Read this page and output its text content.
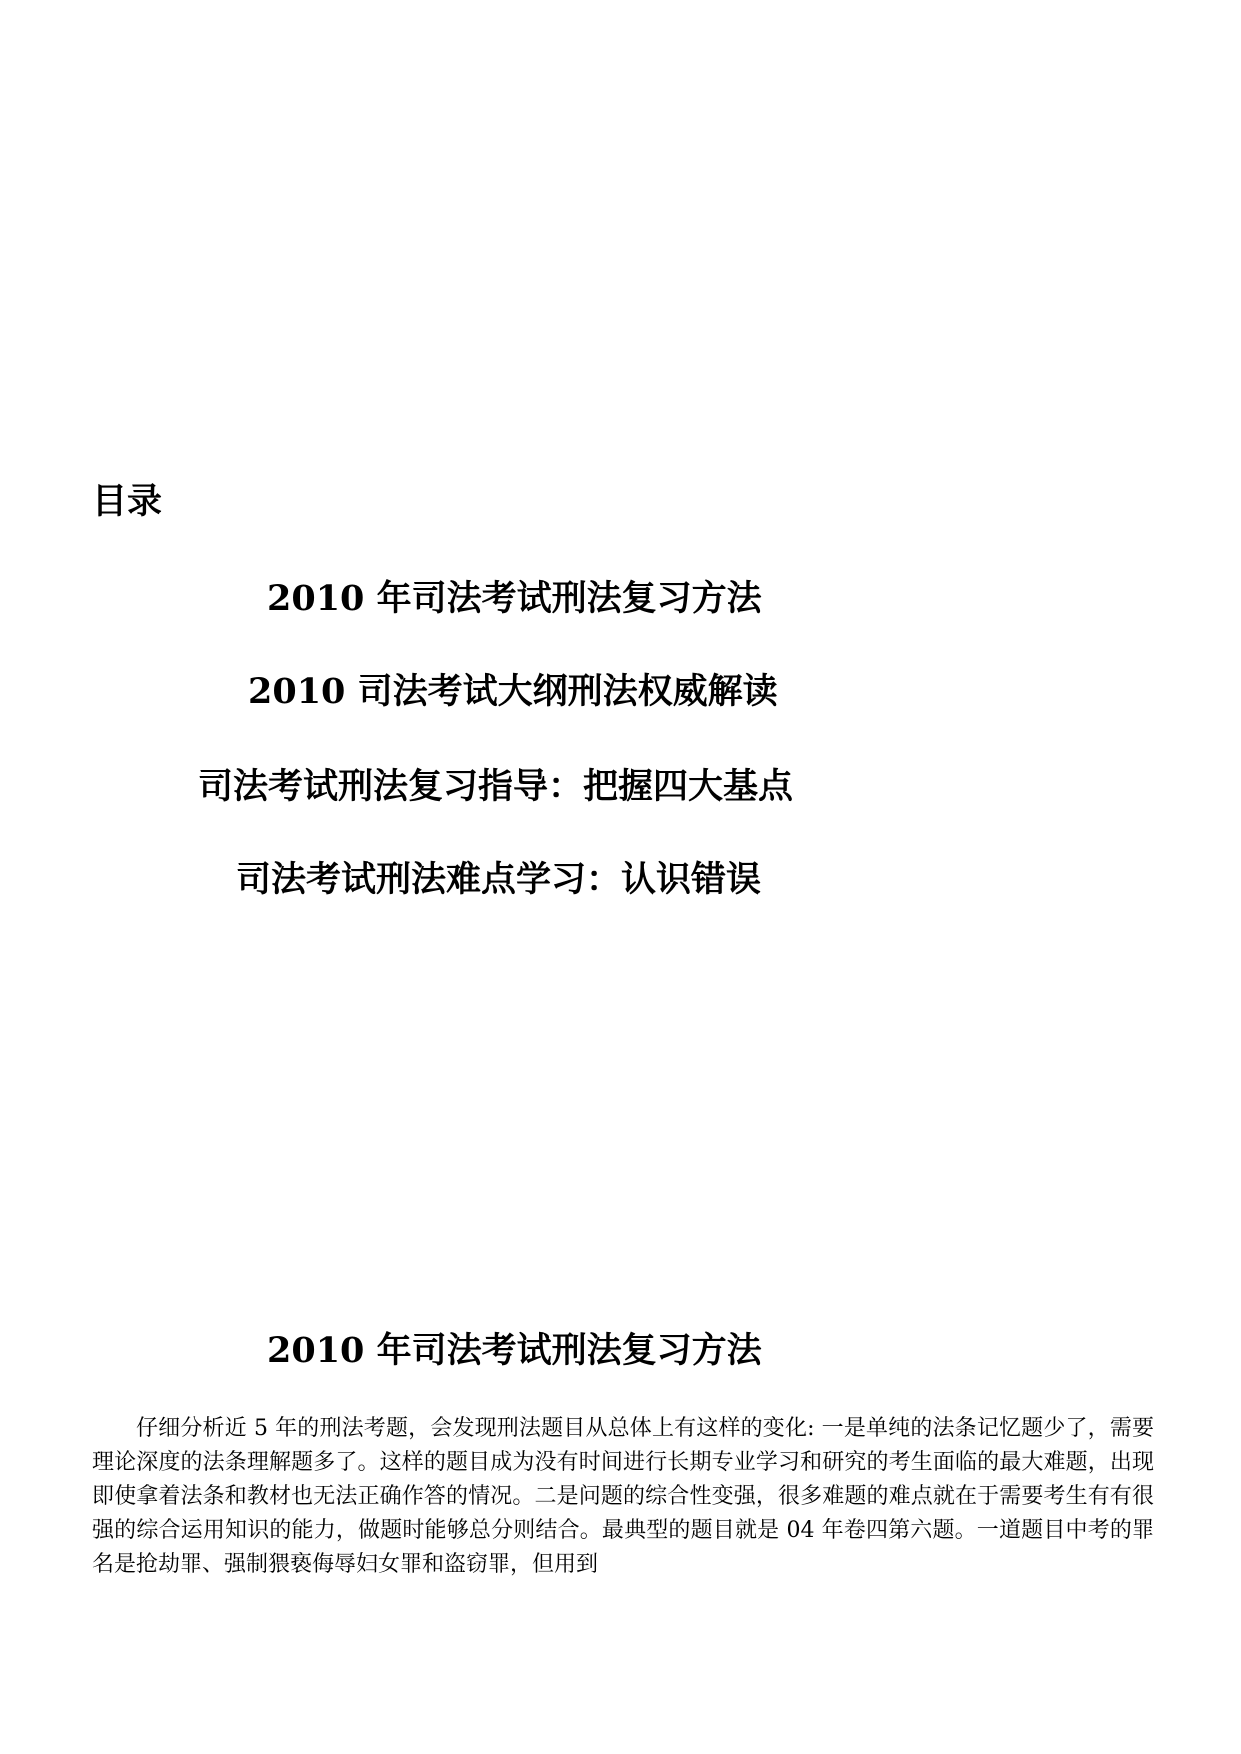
目录
2010 年司法考试刑法复习方法
2010 司法考试大纲刑法权威解读
司法考试刑法复习指导：把握四大基点
司法考试刑法难点学习：认识错误
2010 年司法考试刑法复习方法

仔细分析近 5 年的刑法考题，会发现刑法题目从总体上有这样的变化: 一是单纯的法条记忆题少了，需要理论深度的法条理解题多了。这样的题目成为没有时间进行长期专业学习和研究的考生面临的最大难题，出现即使拿着法条和教材也无法正确作答的情况。二是问题的综合性变强，很多难题的难点就在于需要考生有有很强的综合运用知识的能力，做题时能够总分则结合。最典型的题目就是 04 年卷四第六题。一道题目中考的罪名是抢劫罪、强制猥亵侮辱妇女罪和盗窃罪，但用到
